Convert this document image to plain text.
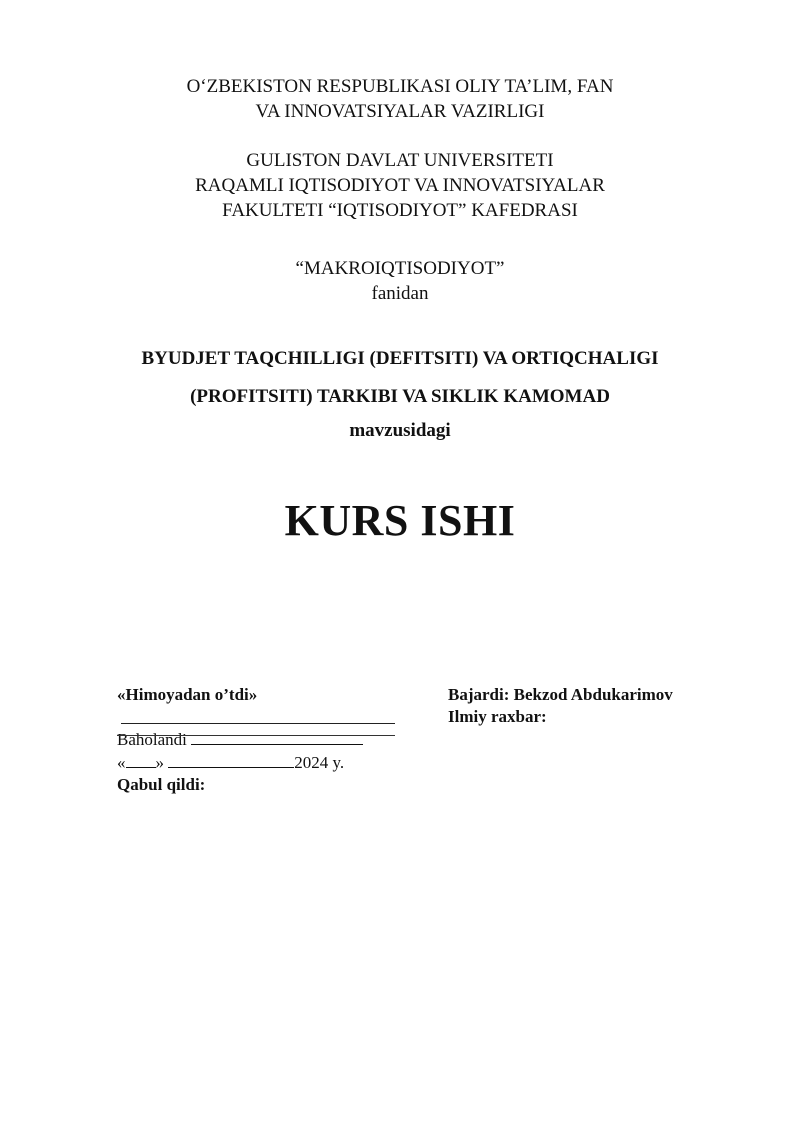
O‘ZBEKISTON RESPUBLIKASI OLIY TA’LIM, FAN
VA INNOVATSIYALAR VAZIRLIGI
GULISTON DAVLAT UNIVERSITETI
RAQAMLI IQTISODIYOT VA INNOVATSIYALAR
FAKULTETI “IQTISODIYOT” KAFEDRASI
“MAKROIQTISODIYOT”
fanidan
BYUDJET TAQCHILLIGI (DEFITSITI) VA ORTIQCHALIGI
(PROFITSITI) TARKIBI VA SIKLIK KAMOMAD
mavzusidagi
KURS ISHI
«Himoyadan o’tdi»
Baholandi
« »	2024 y.
Qabul qildi:
Bajardi: Bekzod Abdukarimov
Ilmiy raxbar:
